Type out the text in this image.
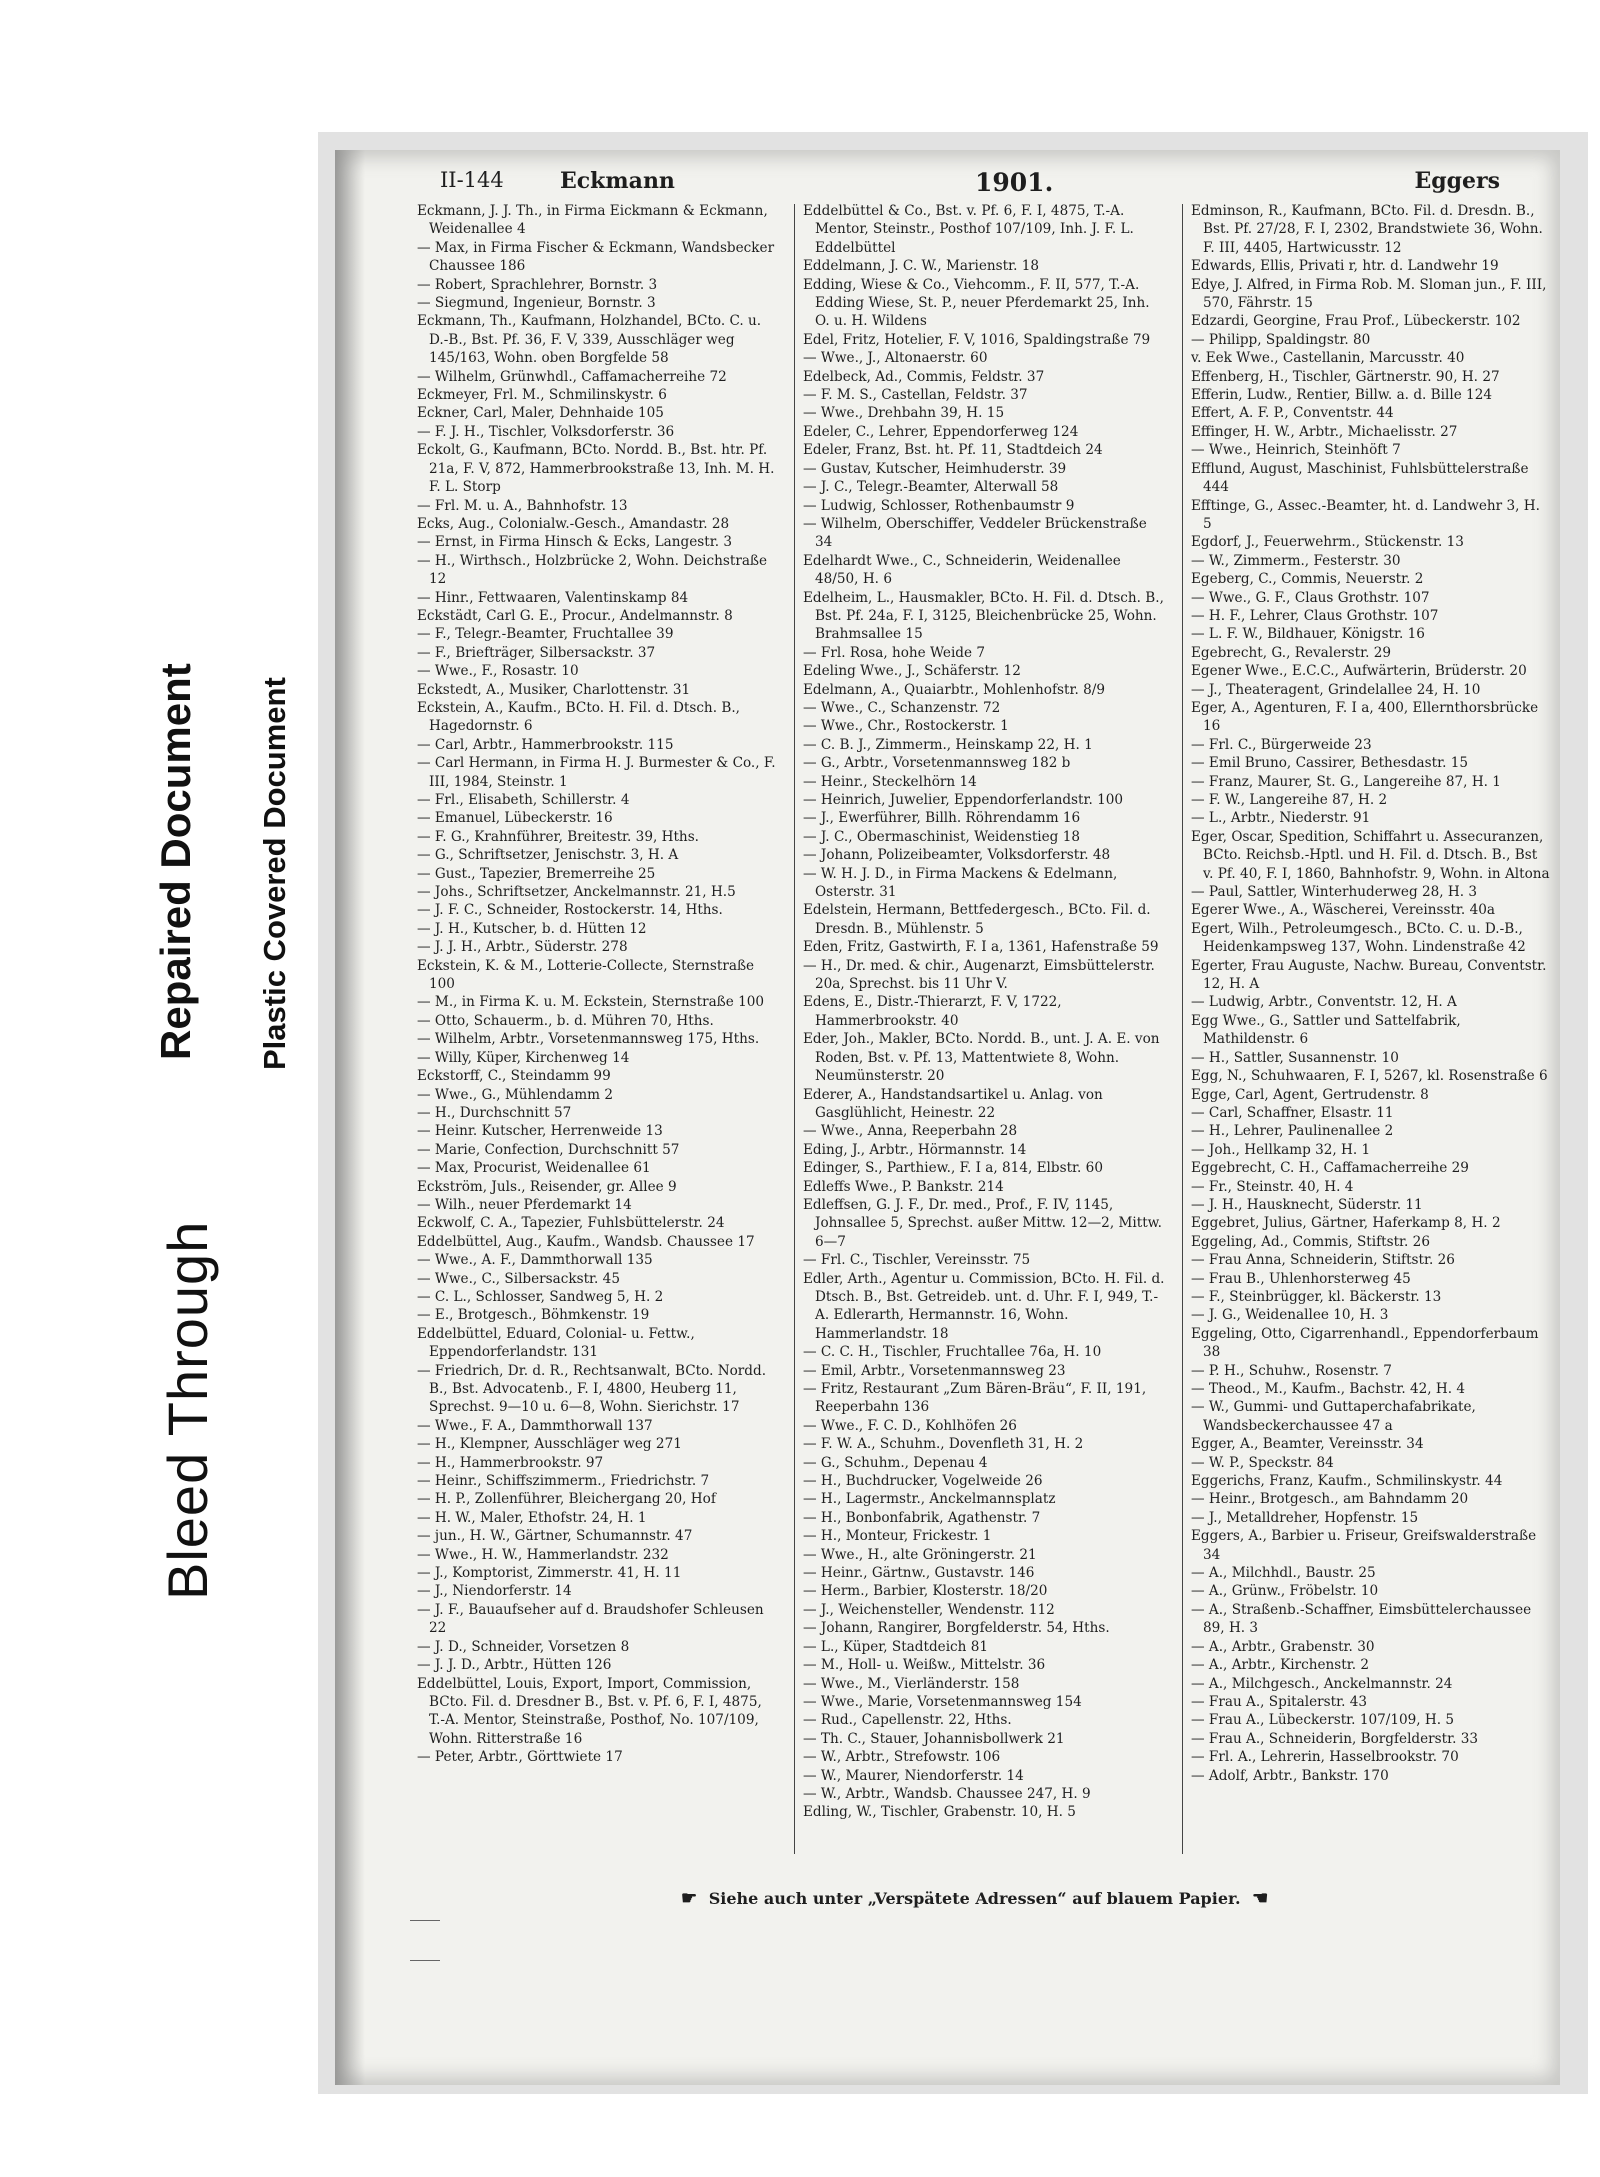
Bleed Through
Repaired Document Plastic Covered Document
II-144	Eckmann	1901.	Eggers

Eckmann, J. J. Th., in Firma Eickmann & Eckmann, Weidenallee 4

— Max, in Firma Fischer & Eckmann, Wandsbecker Chaussee 186

— Robert, Sprachlehrer, Bornstr. 3

— Siegmund, Ingenieur, Bornstr. 3

Eckmann, Th., Kaufmann, Holzhandel, BCto. C. u. D.-B., Bst. Pf. 36, F. V, 339, Ausschläger weg 145/163, Wohn. oben Borgfelde 58

— Wilhelm, Grünwhdl., Caffamacherreihe 72

Eckmeyer, Frl. M., Schmilinskystr. 6

Eckner, Carl, Maler, Dehnhaide 105

— F. J. H., Tischler, Volksdorferstr. 36

Eckolt, G., Kaufmann, BCto. Nordd. B., Bst. htr. Pf. 21a, F. V, 872, Hammerbrookstraße 13, Inh. M. H. F. L. Storp

— Frl. M. u. A., Bahnhofstr. 13

Ecks, Aug., Colonialw.-Gesch., Amandastr. 28

— Ernst, in Firma Hinsch & Ecks, Langestr. 3

— H., Wirthsch., Holzbrücke 2, Wohn. Deichstraße 12

— Hinr., Fettwaaren, Valentinskamp 84

Eckstädt, Carl G. E., Procur., Andelmannstr. 8

— F., Telegr.-Beamter, Fruchtallee 39

— F., Briefträger, Silbersackstr. 37

— Wwe., F., Rosastr. 10

Eckstedt, A., Musiker, Charlottenstr. 31

Eckstein, A., Kaufm., BCto. H. Fil. d. Dtsch. B., Hagedornstr. 6

— Carl, Arbtr., Hammerbrookstr. 115

— Carl Hermann, in Firma H. J. Burmester & Co., F. III, 1984, Steinstr. 1

— Frl., Elisabeth, Schillerstr. 4

— Emanuel, Lübeckerstr. 16

— F. G., Krahnführer, Breitestr. 39, Hths.

— G., Schriftsetzer, Jenischstr. 3, H. A

— Gust., Tapezier, Bremerreihe 25

— Johs., Schriftsetzer, Anckelmannstr. 21, H.5

— J. F. C., Schneider, Rostockerstr. 14, Hths.

— J. H., Kutscher, b. d. Hütten 12

— J. J. H., Arbtr., Süderstr. 278

Eckstein, K. & M., Lotterie-Collecte, Sternstraße 100

— M., in Firma K. u. M. Eckstein, Sternstraße 100

— Otto, Schauerm., b. d. Mühren 70, Hths.

— Wilhelm, Arbtr., Vorsetenmannsweg 175, Hths.

— Willy, Küper, Kirchenweg 14

Eckstorff, C., Steindamm 99

— Wwe., G., Mühlendamm 2

— H., Durchschnitt 57

— Heinr. Kutscher, Herrenweide 13

— Marie, Confection, Durchschnitt 57

— Max, Procurist, Weidenallee 61

Eckström, Juls., Reisender, gr. Allee 9

— Wilh., neuer Pferdemarkt 14

Eckwolf, C. A., Tapezier, Fuhlsbüttelerstr. 24

Eddelbüttel, Aug., Kaufm., Wandsb. Chaussee 17

— Wwe., A. F., Dammthorwall 135

— Wwe., C., Silbersackstr. 45

— C. L., Schlosser, Sandweg 5, H. 2

— E., Brotgesch., Böhmkenstr. 19

Eddelbüttel, Eduard, Colonial- u. Fettw., Eppendorferlandstr. 131

— Friedrich, Dr. d. R., Rechtsanwalt, BCto. Nordd. B., Bst. Advocatenb., F. I, 4800, Heuberg 11, Sprechst. 9—10 u. 6—8, Wohn. Sierichstr. 17

— Wwe., F. A., Dammthorwall 137

— H., Klempner, Ausschläger weg 271

— H., Hammerbrookstr. 97

— Heinr., Schiffszimmerm., Friedrichstr. 7

— H. P., Zollenführer, Bleichergang 20, Hof

— H. W., Maler, Ethofstr. 24, H. 1

— jun., H. W., Gärtner, Schumannstr. 47

— Wwe., H. W., Hammerlandstr. 232

— J., Komptorist, Zimmerstr. 41, H. 11

— J., Niendorferstr. 14

— J. F., Bauaufseher auf d. Braudshofer Schleusen 22

— J. D., Schneider, Vorsetzen 8

— J. J. D., Arbtr., Hütten 126

Eddelbüttel, Louis, Export, Import, Commission, BCto. Fil. d. Dresdner B., Bst. v. Pf. 6, F. I, 4875, T.-A. Mentor, Steinstraße, Posthof, No. 107/109, Wohn. Ritterstraße 16

— Peter, Arbtr., Görttwiete 17

Eddelbüttel & Co., Bst. v. Pf. 6, F. I, 4875, T.-A. Mentor, Steinstr., Posthof 107/109, Inh. J. F. L. Eddelbüttel

Eddelmann, J. C. W., Marienstr. 18

Edding, Wiese & Co., Viehcomm., F. II, 577, T.-A. Edding Wiese, St. P., neuer Pferdemarkt 25, Inh. O. u. H. Wildens

Edel, Fritz, Hotelier, F. V, 1016, Spaldingstraße 79

— Wwe., J., Altonaerstr. 60

Edelbeck, Ad., Commis, Feldstr. 37

— F. M. S., Castellan, Feldstr. 37

— Wwe., Drehbahn 39, H. 15

Edeler, C., Lehrer, Eppendorferweg 124

Edeler, Franz, Bst. ht. Pf. 11, Stadtdeich 24

— Gustav, Kutscher, Heimhuderstr. 39

— J. C., Telegr.-Beamter, Alterwall 58

— Ludwig, Schlosser, Rothenbaumstr 9

— Wilhelm, Oberschiffer, Veddeler Brückenstraße 34

Edelhardt Wwe., C., Schneiderin, Weidenallee 48/50, H. 6

Edelheim, L., Hausmakler, BCto. H. Fil. d. Dtsch. B., Bst. Pf. 24a, F. I, 3125, Bleichenbrücke 25, Wohn. Brahmsallee 15

— Frl. Rosa, hohe Weide 7

Edeling Wwe., J., Schäferstr. 12

Edelmann, A., Quaiarbtr., Mohlenhofstr. 8/9

— Wwe., C., Schanzenstr. 72

— Wwe., Chr., Rostockerstr. 1

— C. B. J., Zimmerm., Heinskamp 22, H. 1

— G., Arbtr., Vorsetenmannsweg 182 b

— Heinr., Steckelhörn 14

— Heinrich, Juwelier, Eppendorferlandstr. 100

— J., Ewerführer, Billh. Röhrendamm 16

— J. C., Obermaschinist, Weidenstieg 18

— Johann, Polizeibeamter, Volksdorferstr. 48

— W. H. J. D., in Firma Mackens & Edelmann, Osterstr. 31

Edelstein, Hermann, Bettfedergesch., BCto. Fil. d. Dresdn. B., Mühlenstr. 5

Eden, Fritz, Gastwirth, F. I a, 1361, Hafenstraße 59

— H., Dr. med. & chir., Augenarzt, Eimsbüttelerstr. 20a, Sprechst. bis 11 Uhr V.

Edens, E., Distr.-Thierarzt, F. V, 1722, Hammerbrookstr. 40

Eder, Joh., Makler, BCto. Nordd. B., unt. J. A. E. von Roden, Bst. v. Pf. 13, Mattentwiete 8, Wohn. Neumünsterstr. 20

Ederer, A., Handstandsartikel u. Anlag. von Gasglühlicht, Heinestr. 22

— Wwe., Anna, Reeperbahn 28

Eding, J., Arbtr., Hörmannstr. 14

Edinger, S., Parthiew., F. I a, 814, Elbstr. 60

Edleffs Wwe., P. Bankstr. 214

Edleffsen, G. J. F., Dr. med., Prof., F. IV, 1145, Johnsallee 5, Sprechst. außer Mittw. 12—2, Mittw. 6—7

— Frl. C., Tischler, Vereinsstr. 75

Edler, Arth., Agentur u. Commission, BCto. H. Fil. d. Dtsch. B., Bst. Getreideb. unt. d. Uhr. F. I, 949, T.-A. Edlerarth, Hermannstr. 16, Wohn. Hammerlandstr. 18

— C. C. H., Tischler, Fruchtallee 76a, H. 10

— Emil, Arbtr., Vorsetenmannsweg 23

— Fritz, Restaurant „Zum Bären-Bräu“, F. II, 191, Reeperbahn 136

— Wwe., F. C. D., Kohlhöfen 26

— F. W. A., Schuhm., Dovenfleth 31, H. 2

— G., Schuhm., Depenau 4

— H., Buchdrucker, Vogelweide 26

— H., Lagermstr., Anckelmannsplatz

— H., Bonbonfabrik, Agathenstr. 7

— H., Monteur, Frickestr. 1

— Wwe., H., alte Gröningerstr. 21

— Heinr., Gärtnw., Gustavstr. 146

— Herm., Barbier, Klosterstr. 18/20

— J., Weichensteller, Wendenstr. 112

— Johann, Rangirer, Borgfelderstr. 54, Hths.

— L., Küper, Stadtdeich 81

— M., Holl- u. Weißw., Mittelstr. 36

— Wwe., M., Vierländerstr. 158

— Wwe., Marie, Vorsetenmannsweg 154

— Rud., Capellenstr. 22, Hths.

— Th. C., Stauer, Johannisbollwerk 21

— W., Arbtr., Strefowstr. 106

— W., Maurer, Niendorferstr. 14

— W., Arbtr., Wandsb. Chaussee 247, H. 9

Edling, W., Tischler, Grabenstr. 10, H. 5

Edminson, R., Kaufmann, BCto. Fil. d. Dresdn. B., Bst. Pf. 27/28, F. I, 2302, Brandstwiete 36, Wohn. F. III, 4405, Hartwicusstr. 12

Edwards, Ellis, Privati r, htr. d. Landwehr 19

Edye, J. Alfred, in Firma Rob. M. Sloman jun., F. III, 570, Fährstr. 15

Edzardi, Georgine, Frau Prof., Lübeckerstr. 102

— Philipp, Spaldingstr. 80

v. Eek Wwe., Castellanin, Marcusstr. 40

Effenberg, H., Tischler, Gärtnerstr. 90, H. 27

Efferin, Ludw., Rentier, Billw. a. d. Bille 124

Effert, A. F. P., Conventstr. 44

Effinger, H. W., Arbtr., Michaelisstr. 27

— Wwe., Heinrich, Steinhöft 7

Efflund, August, Maschinist, Fuhlsbüttelerstraße 444

Efftinge, G., Assec.-Beamter, ht. d. Landwehr 3, H. 5

Egdorf, J., Feuerwehrm., Stückenstr. 13

— W., Zimmerm., Festerstr. 30

Egeberg, C., Commis, Neuerstr. 2

— Wwe., G. F., Claus Grothstr. 107

— H. F., Lehrer, Claus Grothstr. 107

— L. F. W., Bildhauer, Königstr. 16

Egebrecht, G., Revalerstr. 29

Egener Wwe., E.C.C., Aufwärterin, Brüderstr. 20

— J., Theateragent, Grindelallee 24, H. 10

Eger, A., Agenturen, F. I a, 400, Ellernthorsbrücke 16

— Frl. C., Bürgerweide 23

— Emil Bruno, Cassirer, Bethesdastr. 15

— Franz, Maurer, St. G., Langereihe 87, H. 1

— F. W., Langereihe 87, H. 2

— L., Arbtr., Niederstr. 91

Eger, Oscar, Spedition, Schiffahrt u. Assecuranzen, BCto. Reichsb.-Hptl. und H. Fil. d. Dtsch. B., Bst v. Pf. 40, F. I, 1860, Bahnhofstr. 9, Wohn. in Altona

— Paul, Sattler, Winterhuderweg 28, H. 3

Egerer Wwe., A., Wäscherei, Vereinsstr. 40a

Egert, Wilh., Petroleumgesch., BCto. C. u. D.-B., Heidenkampsweg 137, Wohn. Lindenstraße 42

Egerter, Frau Auguste, Nachw. Bureau, Conventstr. 12, H. A

— Ludwig, Arbtr., Conventstr. 12, H. A

Egg Wwe., G., Sattler und Sattelfabrik, Mathildenstr. 6

— H., Sattler, Susannenstr. 10

Egg, N., Schuhwaaren, F. I, 5267, kl. Rosenstraße 6

Egge, Carl, Agent, Gertrudenstr. 8

— Carl, Schaffner, Elsastr. 11

— H., Lehrer, Paulinenallee 2

— Joh., Hellkamp 32, H. 1

Eggebrecht, C. H., Caffamacherreihe 29

— Fr., Steinstr. 40, H. 4

— J. H., Hausknecht, Süderstr. 11

Eggebret, Julius, Gärtner, Haferkamp 8, H. 2

Eggeling, Ad., Commis, Stiftstr. 26

— Frau Anna, Schneiderin, Stiftstr. 26

— Frau B., Uhlenhorsterweg 45

— F., Steinbrügger, kl. Bäckerstr. 13

— J. G., Weidenallee 10, H. 3

Eggeling, Otto, Cigarrenhandl., Eppendorferbaum 38

— P. H., Schuhw., Rosenstr. 7

— Theod., M., Kaufm., Bachstr. 42, H. 4

— W., Gummi- und Guttaperchafabrikate, Wandsbeckerchaussee 47 a

Egger, A., Beamter, Vereinsstr. 34

— W. P., Speckstr. 84

Eggerichs, Franz, Kaufm., Schmilinskystr. 44

— Heinr., Brotgesch., am Bahndamm 20

— J., Metalldreher, Hopfenstr. 15

Eggers, A., Barbier u. Friseur, Greifswalderstraße 34

— A., Milchhdl., Baustr. 25

— A., Grünw., Fröbelstr. 10

— A., Straßenb.-Schaffner, Eimsbüttelerchaussee 89, H. 3

— A., Arbtr., Grabenstr. 30

— A., Arbtr., Kirchenstr. 2

— A., Milchgesch., Anckelmannstr. 24

— Frau A., Spitalerstr. 43

— Frau A., Lübeckerstr. 107/109, H. 5

— Frau A., Schneiderin, Borgfelderstr. 33

— Frl. A., Lehrerin, Hasselbrookstr. 70

— Adolf, Arbtr., Bankstr. 170

☛ Siehe auch unter „Verspätete Adressen“ auf blauem Papier. ☚
